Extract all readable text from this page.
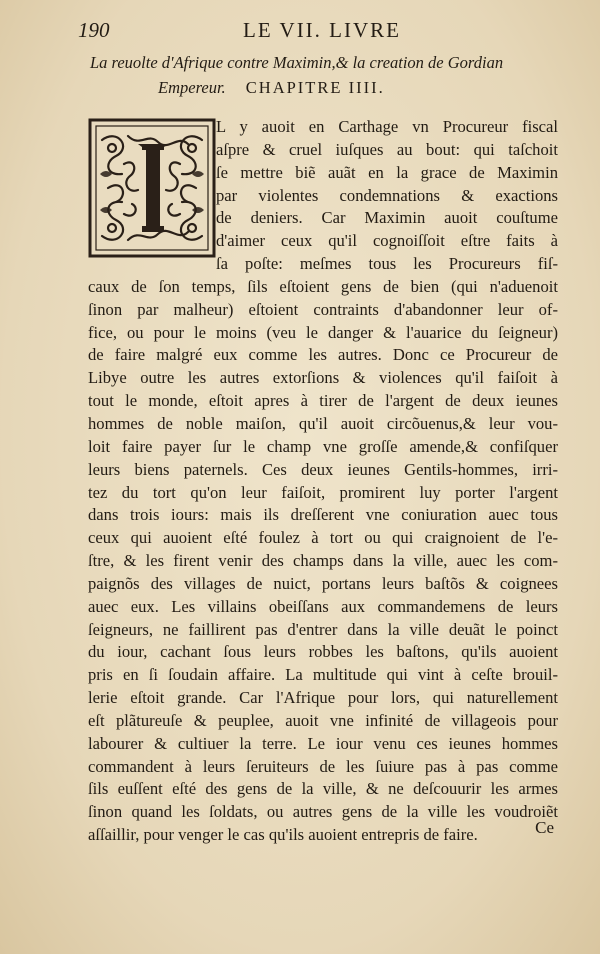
190	LE VII. LIVRE
La reuolte d'Afrique contre Maximin,& la creation de Gordian
Empereur. CHAPITRE IIII.
L y auoit en Carthage vn Procureur fiscal
aſpre & cruel iuſques au bout: qui taſchoit
ſe mettre biẽ auãt en la grace de Maximin
par violentes condemnations & exactions
de deniers. Car Maximin auoit couſtume
d'aimer ceux qu'il cognoiſſoit eſtre faits à
ſa poſte: meſmes tous les Procureurs fiſ-
caux de ſon temps, ſils eſtoient gens de bien (qui n'aduenoit
ſinon par malheur) eſtoient contraints d'abandonner leur of-
fice, ou pour le moins (veu le danger & l'auarice du ſeigneur)
de faire malgré eux comme les autres. Donc ce Procureur de
Libye outre les autres extorſions & violences qu'il faiſoit à
tout le monde, eſtoit apres à tirer de l'argent de deux ieunes
hommes de noble maiſon, qu'il auoit circõuenus,& leur vou-
loit faire payer ſur le champ vne groſſe amende,& confiſquer
leurs biens paternels. Ces deux ieunes Gentils-hommes, irri-
tez du tort qu'on leur faiſoit, promirent luy porter l'argent
dans trois iours: mais ils dreſſerent vne coniuration auec tous
ceux qui auoient eſté foulez à tort ou qui craignoient de l'e-
ſtre, & les firent venir des champs dans la ville, auec les com-
paignõs des villages de nuict, portans leurs baſtõs & coignees
auec eux. Les villains obeiſſans aux commandemens de leurs
ſeigneurs, ne faillirent pas d'entrer dans la ville deuãt le poinct
du iour, cachant ſous leurs robbes les baſtons, qu'ils auoient
pris en ſi ſoudain affaire. La multitude qui vint à ceſte brouil-
lerie eſtoit grande. Car l'Afrique pour lors, qui naturellement
eſt plãtureuſe & peuplee, auoit vne infinité de villageois pour
labourer & cultiuer la terre. Le iour venu ces ieunes hommes
commandent à leurs ſeruiteurs de les ſuiure pas à pas comme
ſils euſſent eſté des gens de la ville, & ne deſcouurir les armes
ſinon quand les ſoldats, ou autres gens de la ville les voudroiẽt
aſſaillir, pour venger le cas qu'ils auoient entrepris de faire.	Ce
